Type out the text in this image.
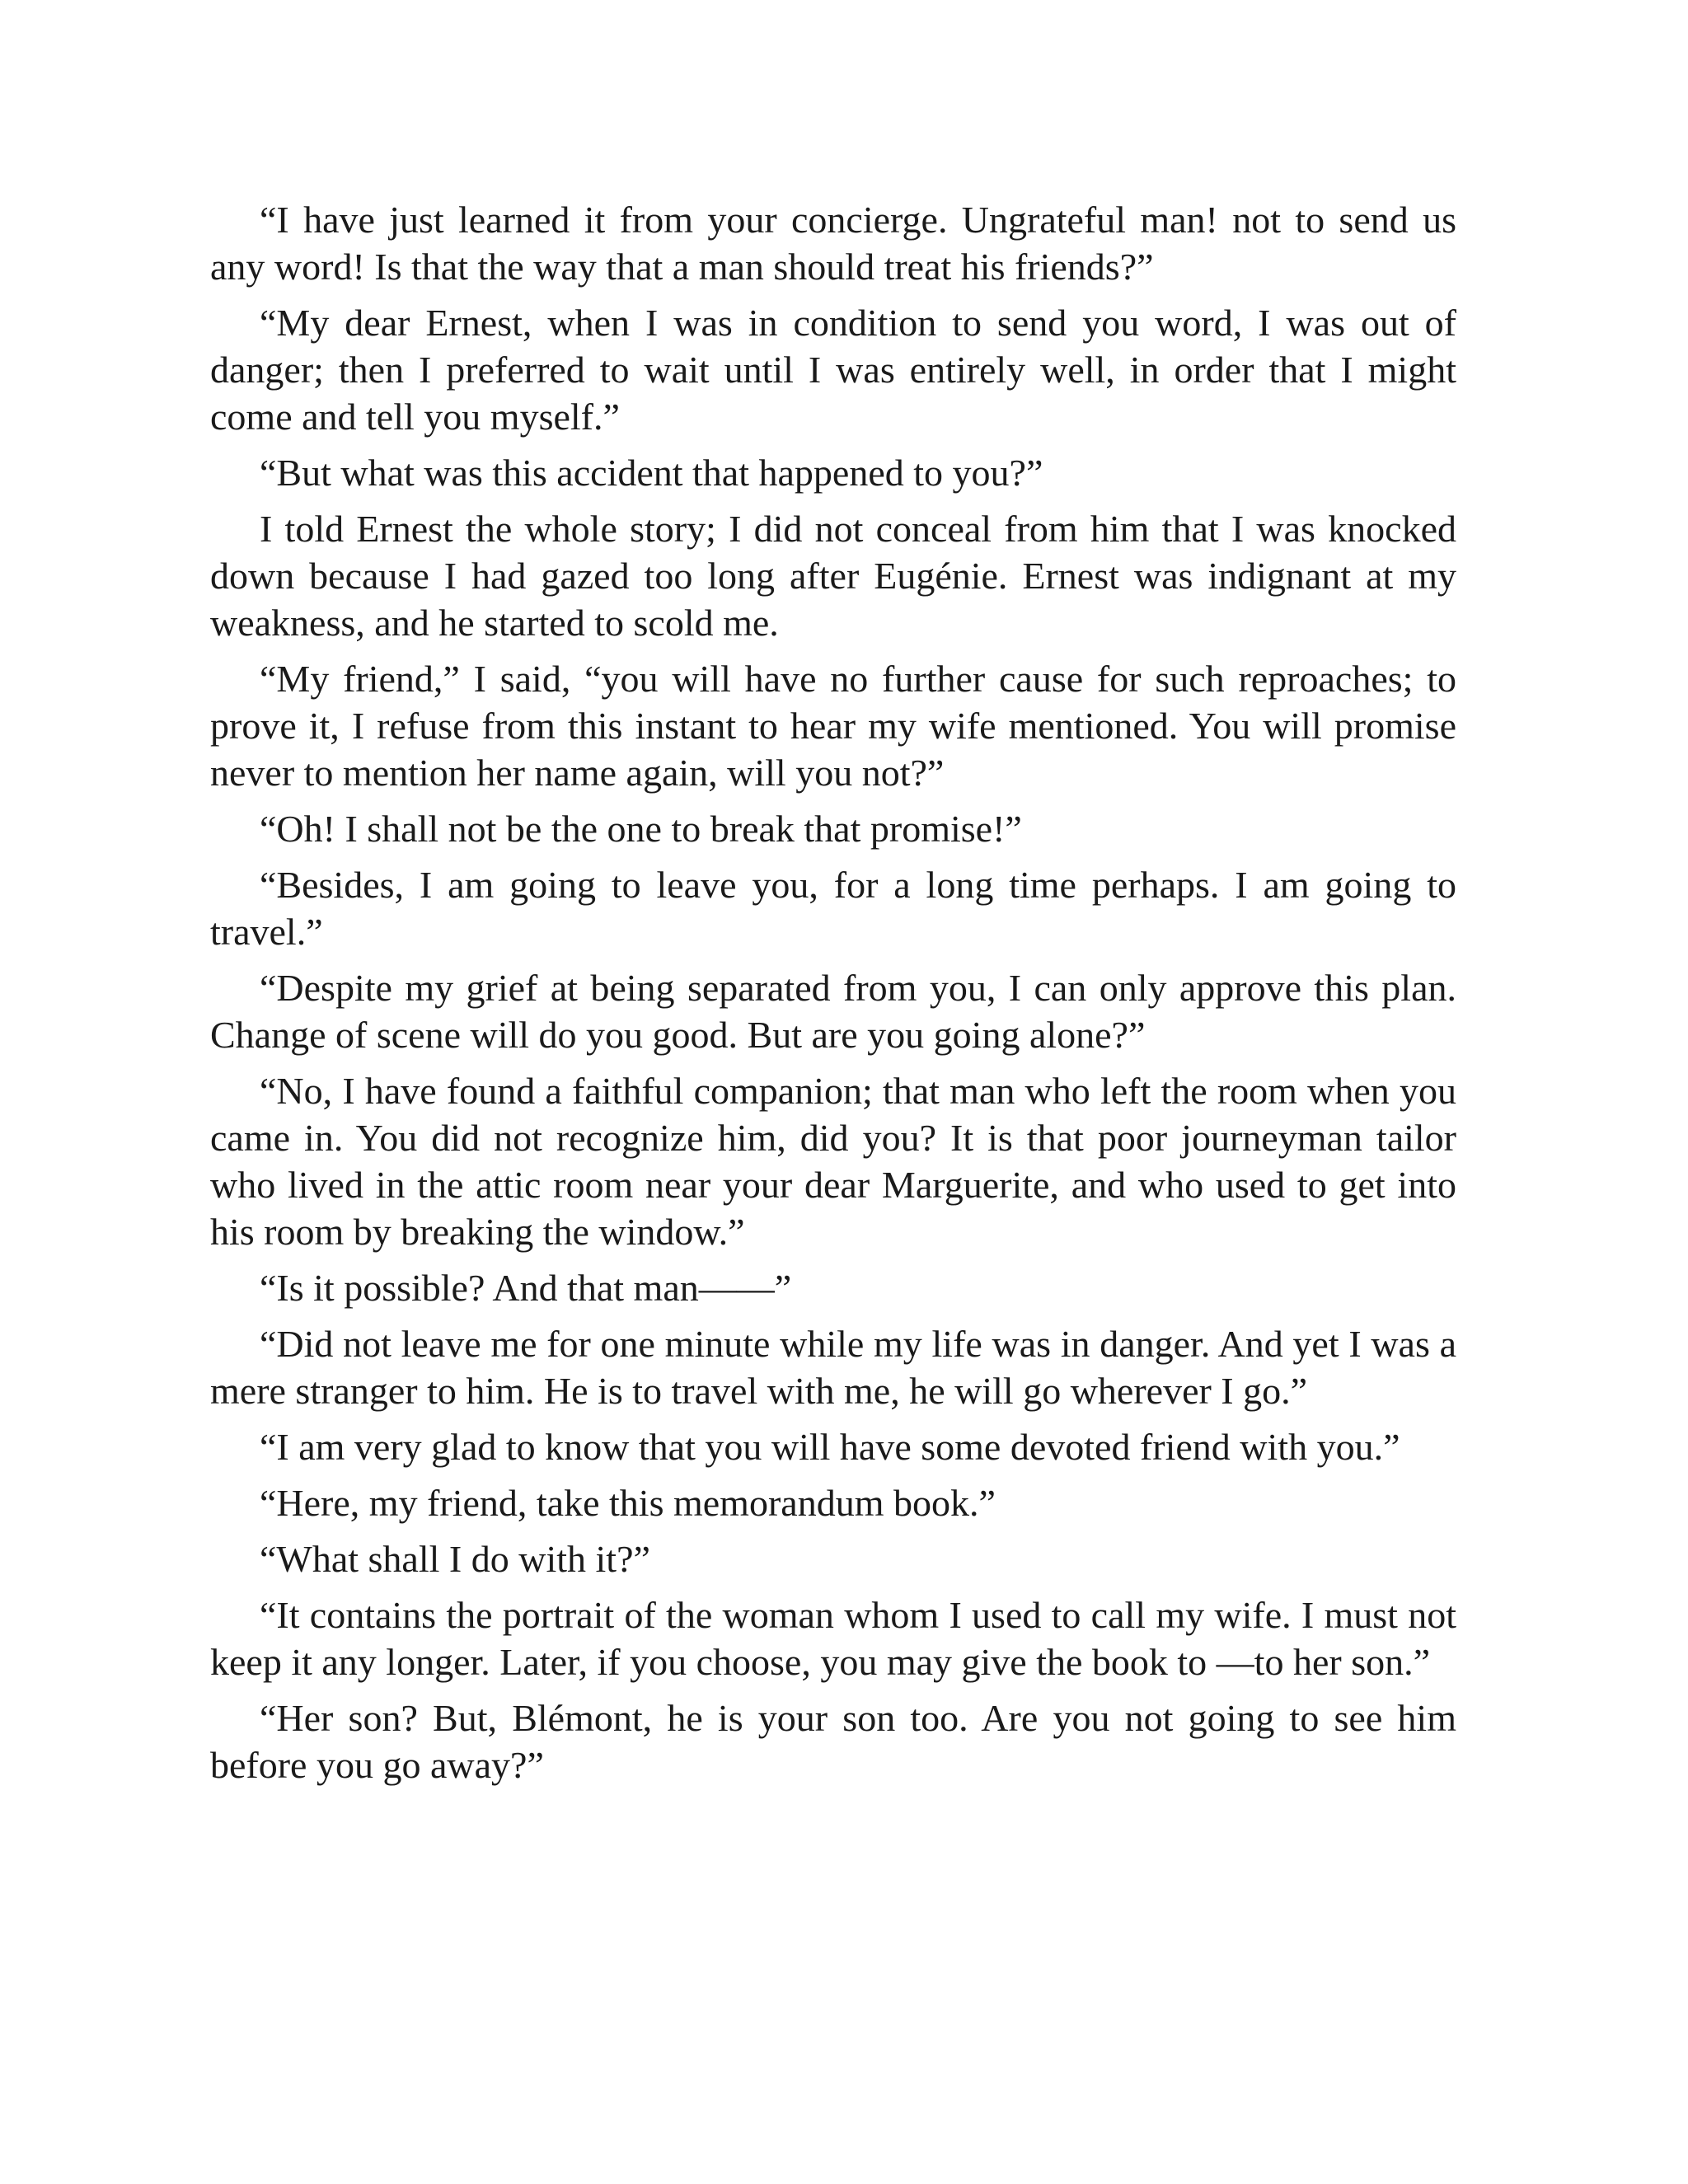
“I have just learned it from your concierge. Ungrateful man! not to send us any word! Is that the way that a man should treat his friends?”

“My dear Ernest, when I was in condition to send you word, I was out of danger; then I preferred to wait until I was entirely well, in order that I might come and tell you myself.”

“But what was this accident that happened to you?”

I told Ernest the whole story; I did not conceal from him that I was knocked down because I had gazed too long after Eugénie. Ernest was indignant at my weakness, and he started to scold me.

“My friend,” I said, “you will have no further cause for such reproaches; to prove it, I refuse from this instant to hear my wife mentioned. You will promise never to mention her name again, will you not?”

“Oh! I shall not be the one to break that promise!”

“Besides, I am going to leave you, for a long time perhaps. I am going to travel.”

“Despite my grief at being separated from you, I can only approve this plan. Change of scene will do you good. But are you going alone?”

“No, I have found a faithful companion; that man who left the room when you came in. You did not recognize him, did you? It is that poor journeyman tailor who lived in the attic room near your dear Marguerite, and who used to get into his room by breaking the window.”

“Is it possible? And that man——”

“Did not leave me for one minute while my life was in danger. And yet I was a mere stranger to him. He is to travel with me, he will go wherever I go.”

“I am very glad to know that you will have some devoted friend with you.”

“Here, my friend, take this memorandum book.”

“What shall I do with it?”

“It contains the portrait of the woman whom I used to call my wife. I must not keep it any longer. Later, if you choose, you may give the book to —to her son.”

“Her son? But, Blémont, he is your son too. Are you not going to see him before you go away?”
